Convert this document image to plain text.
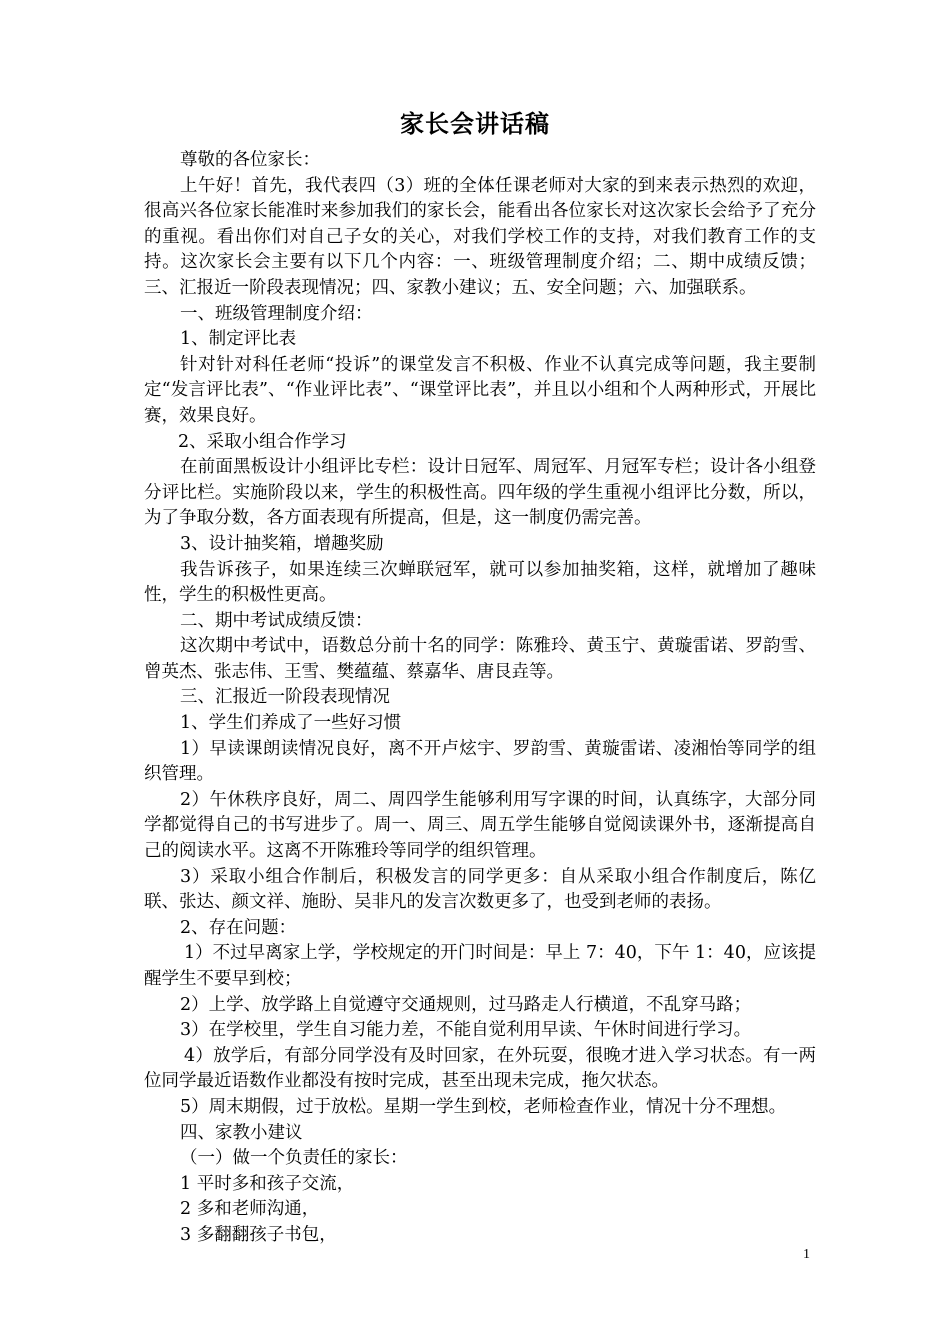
家长会讲话稿

尊敬的各位家长：

上午好！首先，我代表四（3）班的全体任课老师对大家的到来表示热烈的欢迎，很高兴各位家长能准时来参加我们的家长会，能看出各位家长对这次家长会给予了充分的重视。看出你们对自己子女的关心，对我们学校工作的支持，对我们教育工作的支持。这次家长会主要有以下几个内容：一、班级管理制度介绍；二、期中成绩反馈；三、汇报近一阶段表现情况；四、家教小建议；五、安全问题；六、加强联系。

一、班级管理制度介绍：

1、制定评比表

针对针对科任老师“投诉”的课堂发言不积极、作业不认真完成等问题，我主要制定“发言评比表”、“作业评比表”、“课堂评比表”，并且以小组和个人两种形式，开展比赛，效果良好。

2、采取小组合作学习

在前面黑板设计小组评比专栏：设计日冠军、周冠军、月冠军专栏；设计各小组登分评比栏。实施阶段以来，学生的积极性高。四年级的学生重视小组评比分数，所以，为了争取分数，各方面表现有所提高，但是，这一制度仍需完善。

3、设计抽奖箱，增趣奖励

我告诉孩子，如果连续三次蝉联冠军，就可以参加抽奖箱，这样，就增加了趣味性，学生的积极性更高。

二、期中考试成绩反馈：

这次期中考试中，语数总分前十名的同学：陈雅玲、黄玉宁、黄璇雷诺、罗韵雪、曾英杰、张志伟、王雪、樊蕴蕴、蔡嘉华、唐艮垚等。

三、汇报近一阶段表现情况

1、学生们养成了一些好习惯

1）早读课朗读情况良好，离不开卢炫宇、罗韵雪、黄璇雷诺、凌湘怡等同学的组织管理。

2）午休秩序良好，周二、周四学生能够利用写字课的时间，认真练字，大部分同学都觉得自己的书写进步了。周一、周三、周五学生能够自觉阅读课外书，逐渐提高自己的阅读水平。这离不开陈雅玲等同学的组织管理。

3）采取小组合作制后，积极发言的同学更多：自从采取小组合作制度后，陈亿联、张达、颜文祥、施盼、吴非凡的发言次数更多了，也受到老师的表扬。

2、存在问题：

1）不过早离家上学，学校规定的开门时间是：早上 7：40，下午 1：40，应该提醒学生不要早到校；

2）上学、放学路上自觉遵守交通规则，过马路走人行横道，不乱穿马路；

3）在学校里，学生自习能力差，不能自觉利用早读、午休时间进行学习。

4）放学后，有部分同学没有及时回家，在外玩耍，很晚才进入学习状态。有一两位同学最近语数作业都没有按时完成，甚至出现未完成，拖欠状态。

5）周末期假，过于放松。星期一学生到校，老师检查作业，情况十分不理想。

四、家教小建议

（一）做一个负责任的家长：

1 平时多和孩子交流，

2 多和老师沟通，

3 多翻翻孩子书包，

1
